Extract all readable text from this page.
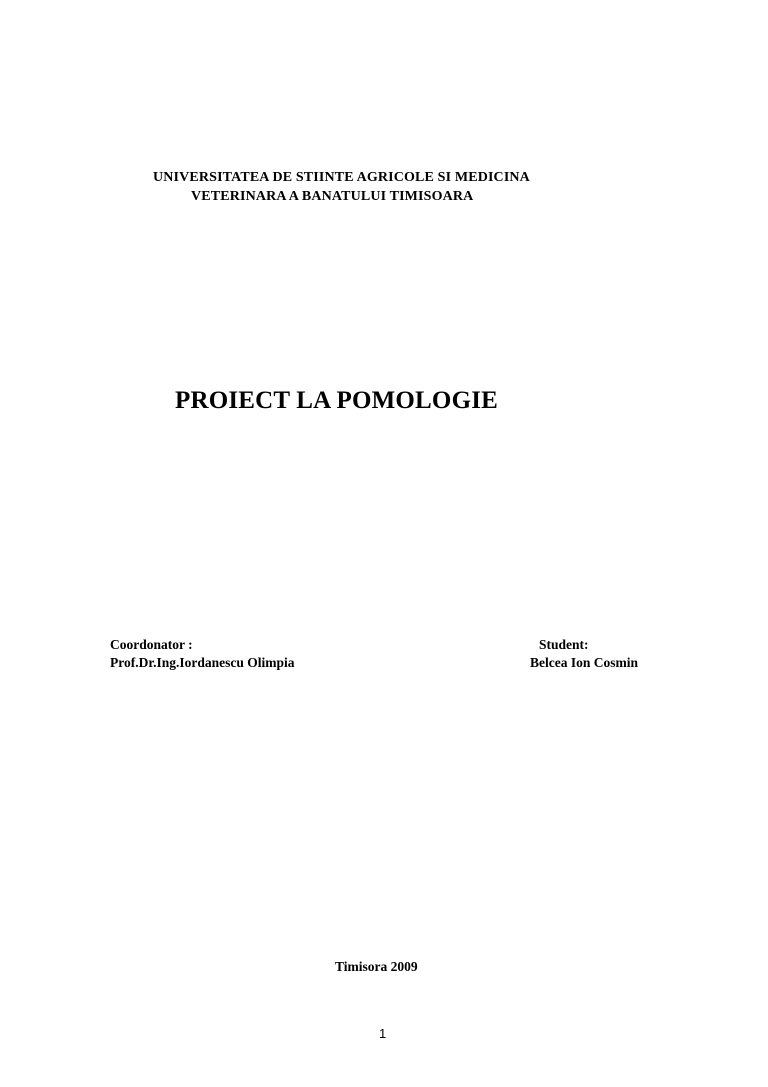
UNIVERSITATEA DE STIINTE AGRICOLE SI MEDICINA

VETERINARA A BANATULUI TIMISOARA

PROIECT LA POMOLOGIE

Coordonator :

Prof.Dr.Ing.Iordanescu Olimpia

Student:

Belcea Ion Cosmin

Timisora 2009

1
